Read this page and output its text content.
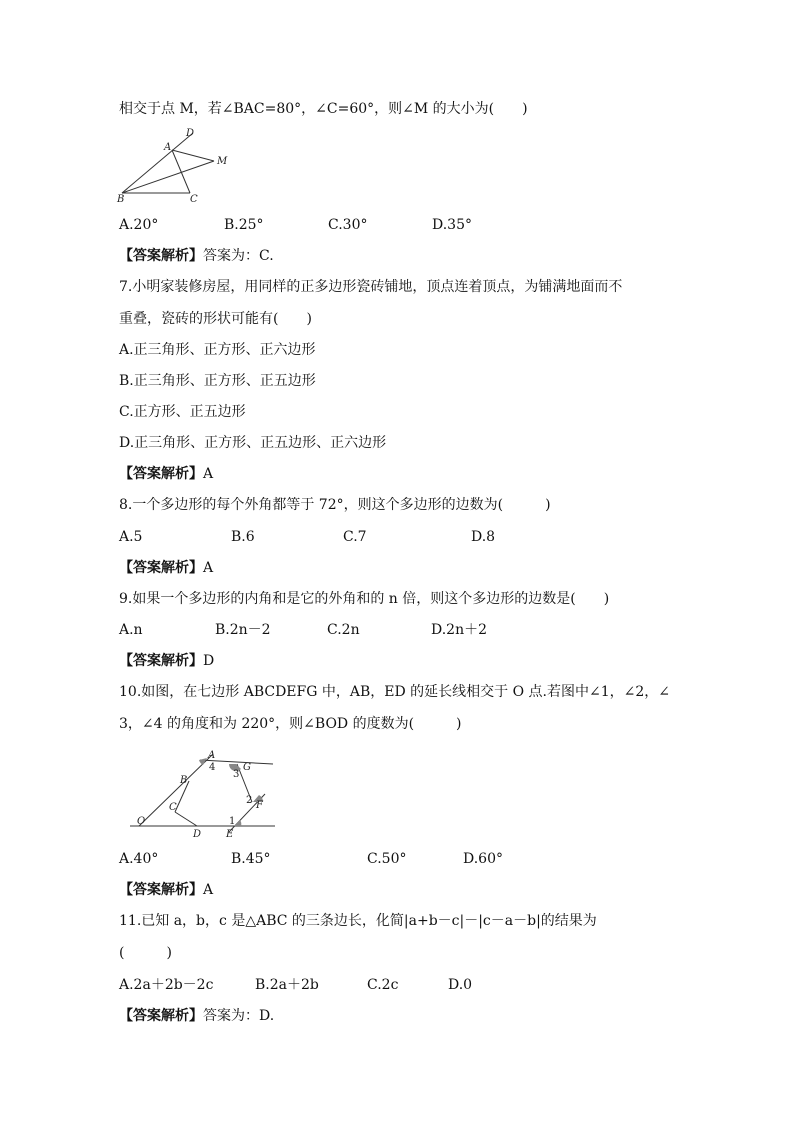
相交于点 M，若∠BAC=80°，∠C=60°，则∠M 的大小为(　　)
D
A
M
B	C
A.20°	B.25°	C.30°	D.35°
【答案解析】答案为：C.
7.小明家装修房屋，用同样的正多边形瓷砖铺地，顶点连着顶点，为铺满地面而不
重叠，瓷砖的形状可能有(　　)
A.正三角形、正方形、正六边形
B.正三角形、正方形、正五边形
C.正方形、正五边形
D.正三角形、正方形、正五边形、正六边形
【答案解析】A
8.一个多边形的每个外角都等于 72°，则这个多边形的边数为(　　　)
A.5	B.6	C.7	D.8
【答案解析】A
9.如果一个多边形的内角和是它的外角和的 n 倍，则这个多边形的边数是(　　)
A.n	B.2n－2	C.2n	D.2n＋2
【答案解析】D
10.如图，在七边形 ABCDEFG 中，AB，ED 的延长线相交于 O 点.若图中∠1，∠2，∠
3，∠4 的角度和为 220°，则∠BOD 的度数为(　　　)
A
4	G
3
B
C
2 F
1
O
D E
A.40°	B.45°	C.50°	D.60°
【答案解析】A
11.已知 a，b，c 是△ABC 的三条边长，化简|a+b－c|－|c－a－b|的结果为
(　　　)
A.2a＋2b－2c	B.2a＋2b	C.2c	D.0
【答案解析】答案为：D.
